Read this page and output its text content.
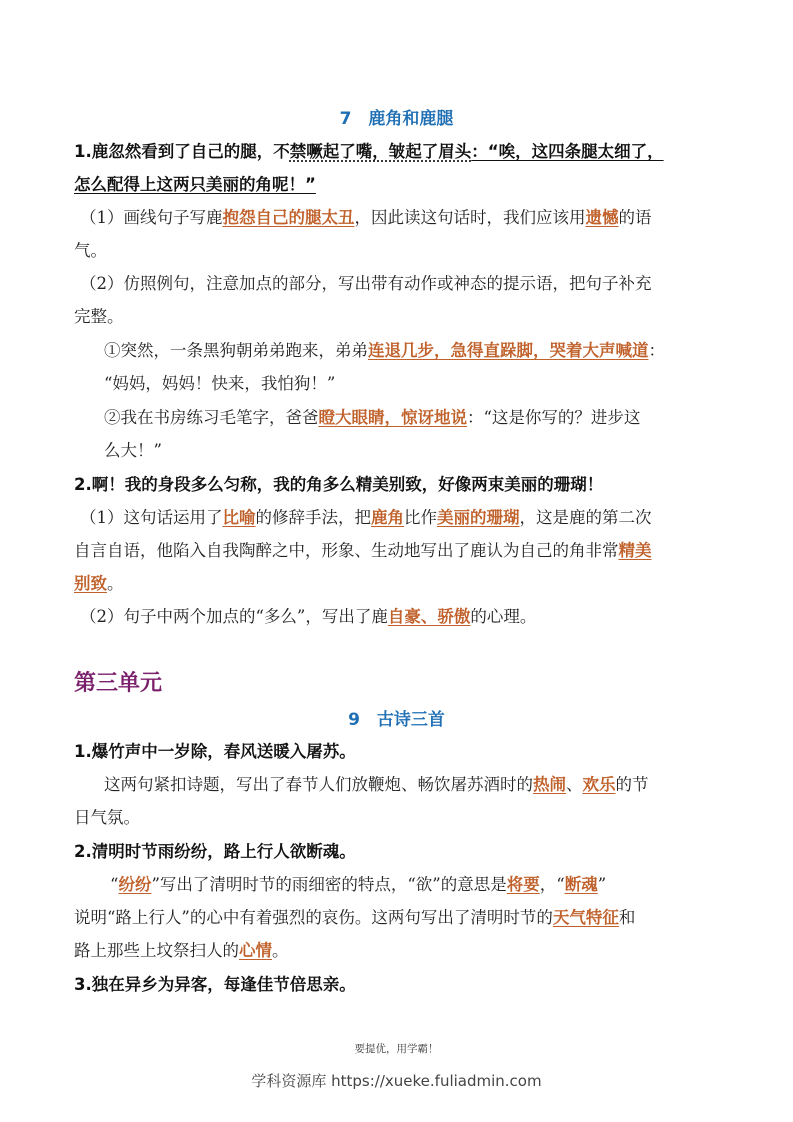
7　鹿角和鹿腿
1.鹿忽然看到了自己的腿，不禁噘起了嘴，皱起了眉头：“唉，这四条腿太细了，
怎么配得上这两只美丽的角呢！”
（1）画线句子写鹿抱怨自己的腿太丑，因此读这句话时，我们应该用遗憾的语
气。
（2）仿照例句，注意加点的部分，写出带有动作或神态的提示语，把句子补充
完整。
①突然，一条黑狗朝弟弟跑来，弟弟连退几步，急得直跺脚，哭着大声喊道：
“妈妈，妈妈！快来，我怕狗！”
②我在书房练习毛笔字，爸爸瞪大眼睛，惊讶地说：“这是你写的？进步这
么大！”
2.啊！我的身段多么匀称，我的角多么精美别致，好像两束美丽的珊瑚！
（1）这句话运用了比喻的修辞手法，把鹿角比作美丽的珊瑚，这是鹿的第二次
自言自语，他陷入自我陶醉之中，形象、生动地写出了鹿认为自己的角非常精美
别致。
（2）句子中两个加点的“多么”，写出了鹿自豪、骄傲的心理。
第三单元
9　古诗三首
1.爆竹声中一岁除，春风送暖入屠苏。
这两句紧扣诗题，写出了春节人们放鞭炮、畅饮屠苏酒时的热闹、欢乐的节
日气氛。
2.清明时节雨纷纷，路上行人欲断魂。
“纷纷”写出了清明时节的雨细密的特点，“欲”的意思是将要，“断魂”
说明“路上行人”的心中有着强烈的哀伤。这两句写出了清明时节的天气特征和
路上那些上坟祭扫人的心情。
3.独在异乡为异客，每逢佳节倍思亲。
要提优，用学霸！
学科资源库 https://xueke.fuliadmin.com
